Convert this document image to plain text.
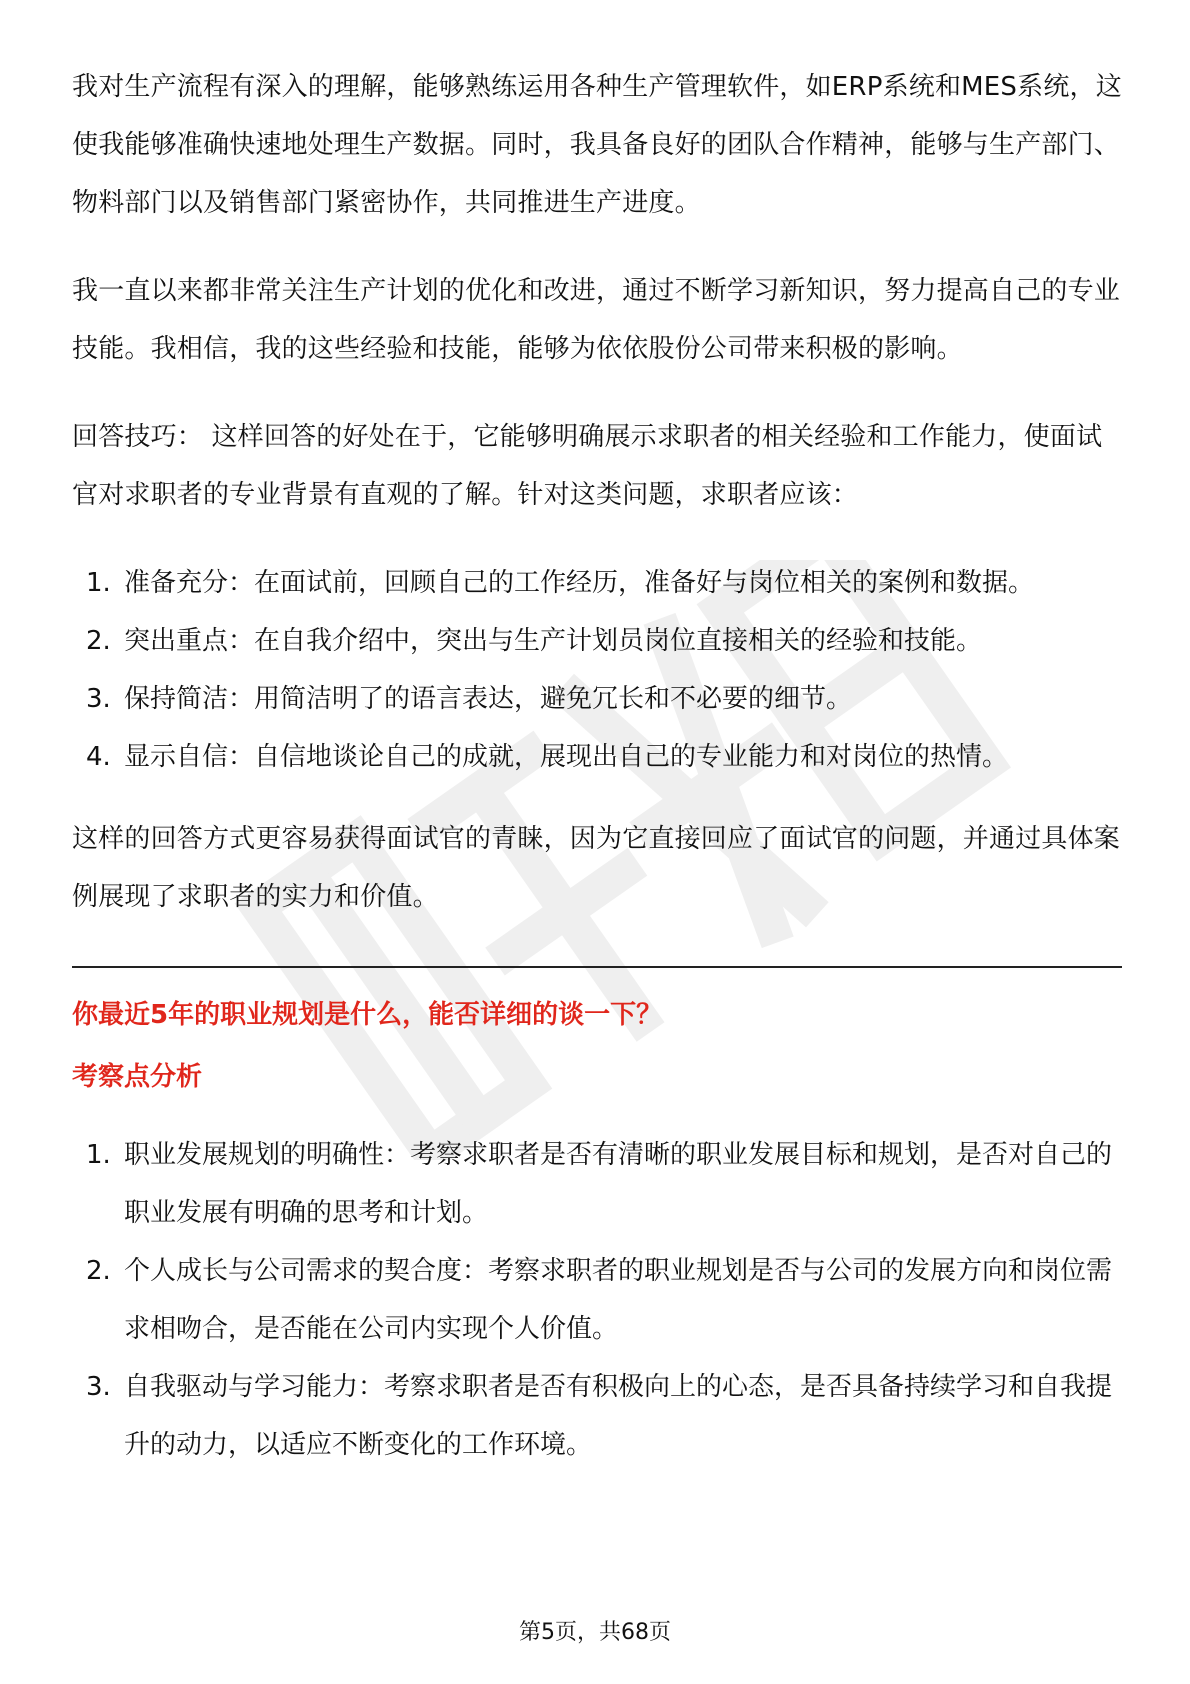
我对生产流程有深入的理解，能够熟练运用各种生产管理软件，如ERP系统和MES系统，这使我能够准确快速地处理生产数据。同时，我具备良好的团队合作精神，能够与生产部门、物料部门以及销售部门紧密协作，共同推进生产进度。

我一直以来都非常关注生产计划的优化和改进，通过不断学习新知识，努力提高自己的专业技能。我相信，我的这些经验和技能，能够为依依股份公司带来积极的影响。

回答技巧： 这样回答的好处在于，它能够明确展示求职者的相关经验和工作能力，使面试官对求职者的专业背景有直观的了解。针对这类问题，求职者应该：

1. 准备充分：在面试前，回顾自己的工作经历，准备好与岗位相关的案例和数据。
2. 突出重点：在自我介绍中，突出与生产计划员岗位直接相关的经验和技能。
3. 保持简洁：用简洁明了的语言表达，避免冗长和不必要的细节。
4. 显示自信：自信地谈论自己的成就，展现出自己的专业能力和对岗位的热情。

这样的回答方式更容易获得面试官的青睐，因为它直接回应了面试官的问题，并通过具体案例展现了求职者的实力和价值。

你最近5年的职业规划是什么，能否详细的谈一下？

考察点分析

1. 职业发展规划的明确性：考察求职者是否有清晰的职业发展目标和规划，是否对自己的职业发展有明确的思考和计划。
2. 个人成长与公司需求的契合度：考察求职者的职业规划是否与公司的发展方向和岗位需求相吻合，是否能在公司内实现个人价值。
3. 自我驱动与学习能力：考察求职者是否有积极向上的心态，是否具备持续学习和自我提升的动力，以适应不断变化的工作环境。
第5页，共68页
